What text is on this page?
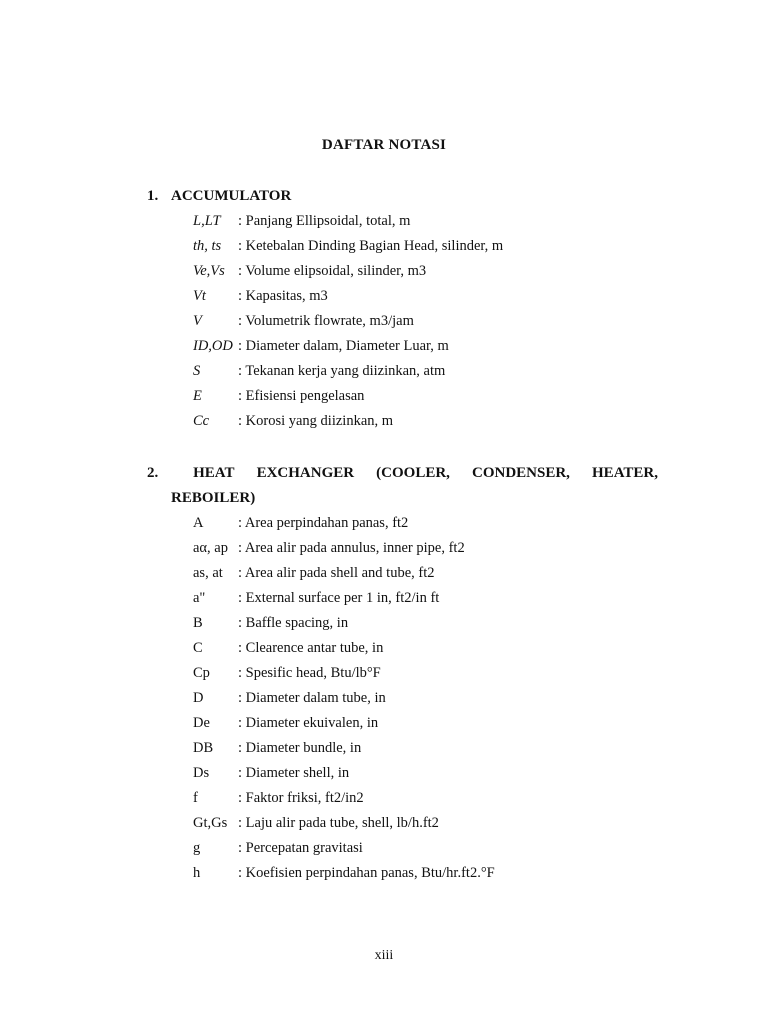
DAFTAR NOTASI
1. ACCUMULATOR
L,LT	: Panjang Ellipsoidal, total, m
th, ts	: Ketebalan Dinding Bagian Head, silinder, m
Ve,Vs : Volume elipsoidal, silinder, m3
Vt	: Kapasitas, m3
V	: Volumetrik flowrate, m3/jam
ID,OD : Diameter dalam, Diameter Luar, m
S	: Tekanan kerja yang diizinkan, atm
E	: Efisiensi pengelasan
Cc	: Korosi yang diizinkan, m
2.	HEAT EXCHANGER (COOLER, CONDENSER, HEATER,
REBOILER)
A	: Area perpindahan panas, ft2
aα, ap : Area alir pada annulus, inner pipe, ft2
as, at	: Area alir pada shell and tube, ft2
a"	: External surface per 1 in, ft2/in ft
B	: Baffle spacing, in
C	: Clearence antar tube, in
Cp	: Spesific head, Btu/lb°F
D	: Diameter dalam tube, in
De	: Diameter ekuivalen, in
DB	: Diameter bundle, in
Ds	: Diameter shell, in
f	: Faktor friksi, ft2/in2
Gt,Gs : Laju alir pada tube, shell, lb/h.ft2
g	: Percepatan gravitasi
h	: Koefisien perpindahan panas, Btu/hr.ft2.°F
xiii
